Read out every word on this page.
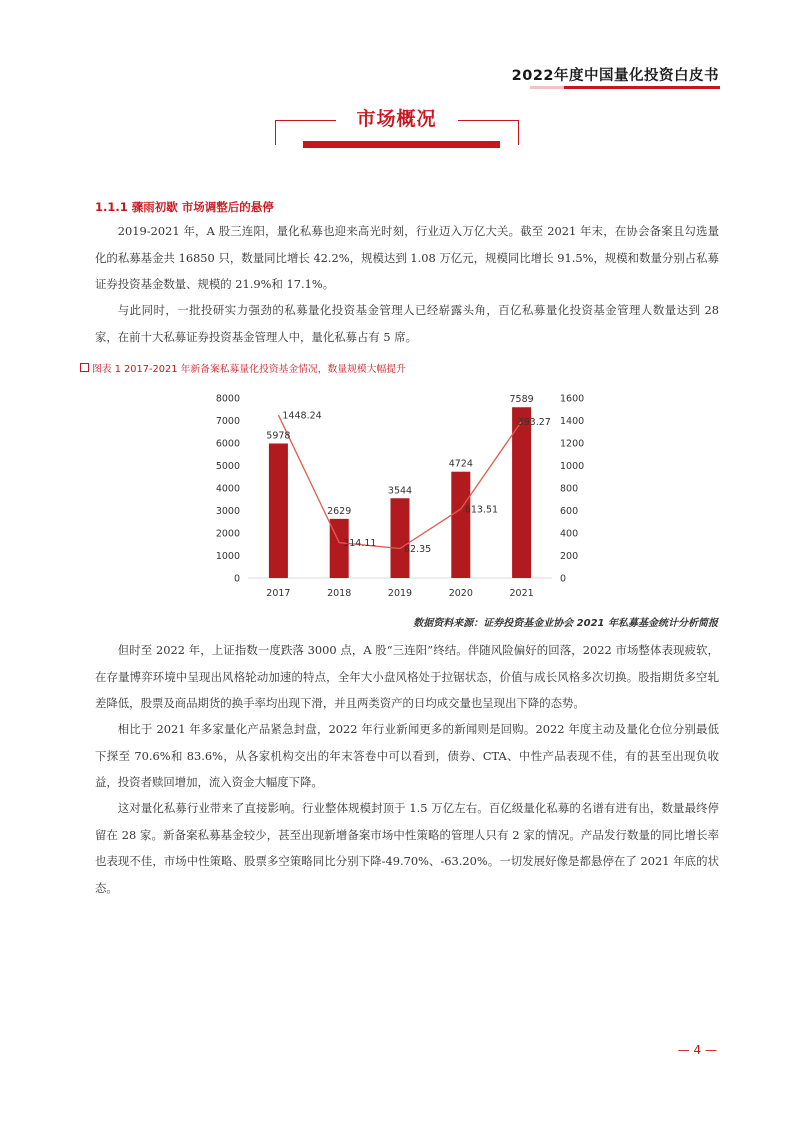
2022年度中国量化投资白皮书
市场概况
1.1.1 骤雨初歇 市场调整后的悬停

2019-2021 年，A 股三连阳，量化私募也迎来高光时刻，行业迈入万亿大关。截至 2021 年末，在协会备案且勾选量化的私募基金共 16850 只，数量同比增长 42.2%，规模达到 1.08 万亿元，规模同比增长 91.5%，规模和数量分别占私募证券投资基金数量、规模的 21.9%和 17.1%。

与此同时，一批投研实力强劲的私募量化投资基金管理人已经崭露头角，百亿私募量化投资基金管理人数量达到 28 家，在前十大私募证券投资基金管理人中，量化私募占有 5 席。

图表 1 2017-2021 年新备案私募量化投资基金情况，数量规模大幅提升
0
1000
2000
3000
4000
5000
6000
7000
8000
0
200
400
600
800
1000
1200
1400
1600
5978
2629
3544
4724
7589
1448.24
314.11
62.35
613.51
393.27
2017	2018	2019	2020	2021
数据资料来源：证券投资基金业协会 2021 年私募基金统计分析简报

但时至 2022 年，上证指数一度跌落 3000 点，A 股“三连阳”终结。伴随风险偏好的回落，2022 市场整体表现疲软，在存量博弈环境中呈现出风格轮动加速的特点，全年大小盘风格处于拉锯状态，价值与成长风格多次切换。股指期货多空轧差降低，股票及商品期货的换手率均出现下滑，并且两类资产的日均成交量也呈现出下降的态势。

相比于 2021 年多家量化产品紧急封盘，2022 年行业新闻更多的新闻则是回购。2022 年度主动及量化仓位分别最低下探至 70.6%和 83.6%，从各家机构交出的年末答卷中可以看到，债券、CTA、中性产品表现不佳，有的甚至出现负收益，投资者赎回增加，流入资金大幅度下降。

这对量化私募行业带来了直接影响。行业整体规模封顶于 1.5 万亿左右。百亿级量化私募的名谱有进有出，数量最终停留在 28 家。新备案私募基金较少，甚至出现新增备案市场中性策略的管理人只有 2 家的情况。产品发行数量的同比增长率也表现不佳，市场中性策略、股票多空策略同比分别下降-49.70%、-63.20%。一切发展好像是都悬停在了 2021 年底的状态。

— 4 —
